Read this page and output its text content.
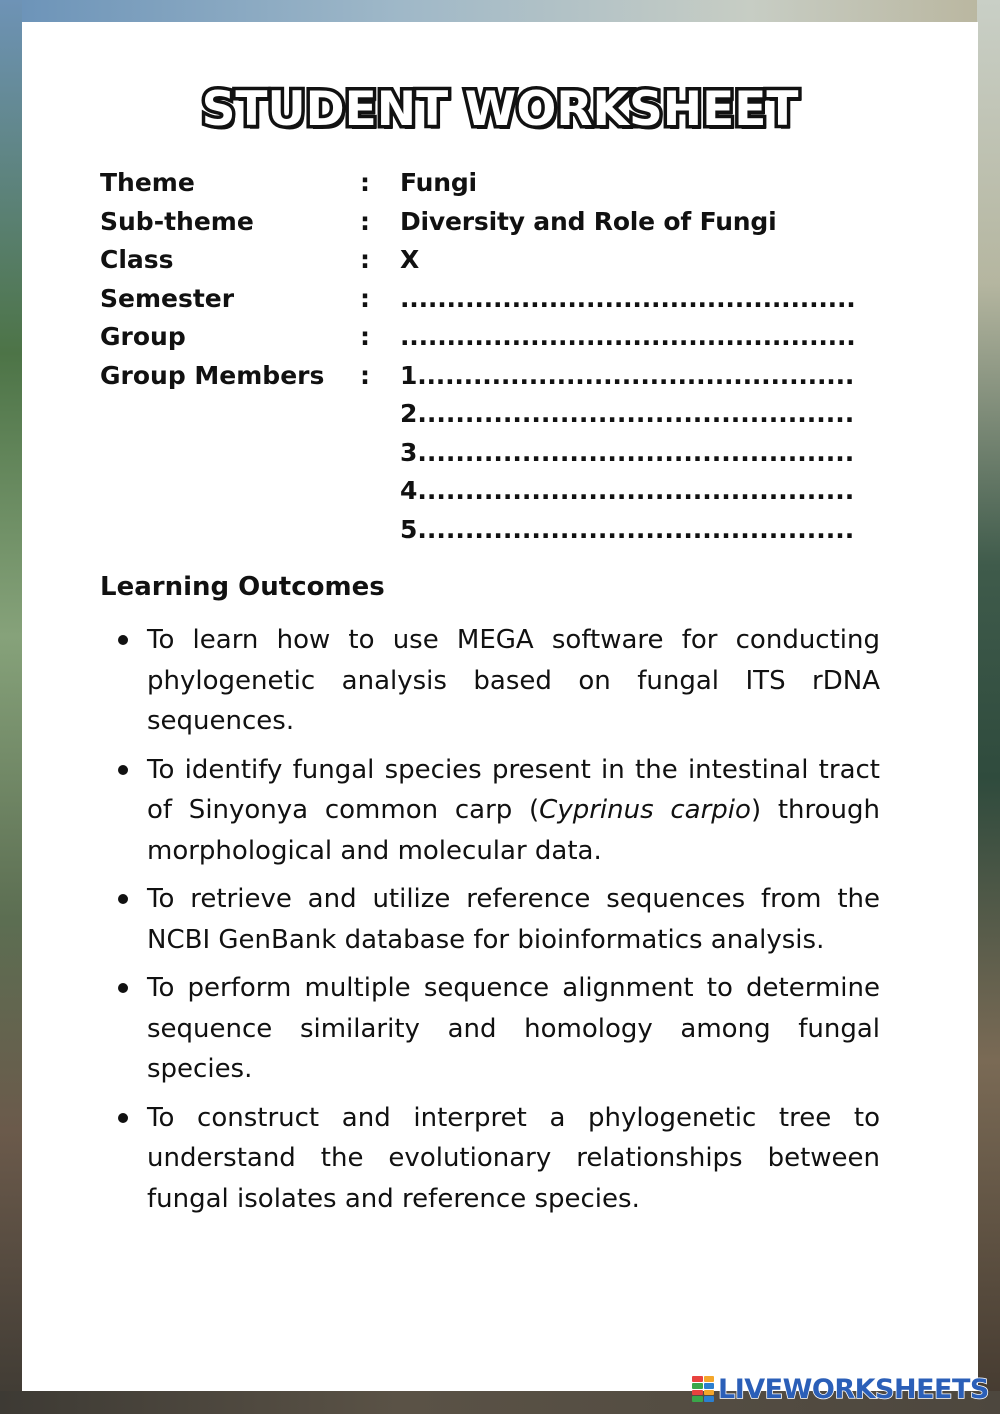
STUDENT WORKSHEET
Theme	:	Fungi
Sub-theme	:	Diversity and Role of Fungi
Class	:	X
Semester	:	.................................................
Group	:	.................................................
Group Members	:	1...............................................
2..............................................
3..............................................
4..............................................
5..............................................
Learning Outcomes
To learn how to use MEGA software for conducting phylogenetic analysis based on fungal ITS rDNA sequences.
To identify fungal species present in the intestinal tract of Sinyonya common carp (Cyprinus carpio) through morphological and molecular data.
To retrieve and utilize reference sequences from the NCBI GenBank database for bioinformatics analysis.
To perform multiple sequence alignment to determine sequence similarity and homology among fungal species.
To construct and interpret a phylogenetic tree to understand the evolutionary relationships between fungal isolates and reference species.
LIVEWORKSHEETS
